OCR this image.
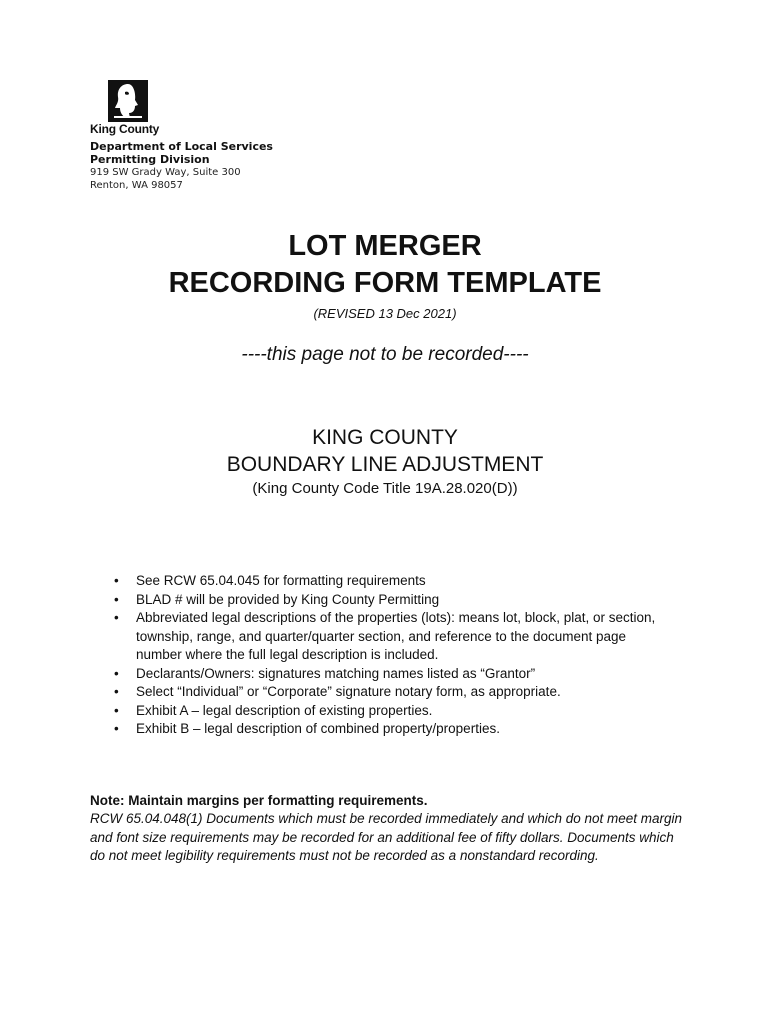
King County
Department of Local Services
Permitting Division
919 SW Grady Way, Suite 300
Renton, WA 98057
LOT MERGER
RECORDING FORM TEMPLATE
(REVISED 13 Dec 2021)
----this page not to be recorded----
KING COUNTY
BOUNDARY LINE ADJUSTMENT
(King County Code Title 19A.28.020(D))
• See RCW 65.04.045 for formatting requirements
• BLAD # will be provided by King County Permitting
• Abbreviated legal descriptions of the properties (lots): means lot, block, plat, or section, township, range, and quarter/quarter section, and reference to the document page number where the full legal description is included.
• Declarants/Owners: signatures matching names listed as “Grantor”
• Select “Individual” or “Corporate” signature notary form, as appropriate.
• Exhibit A – legal description of existing properties.
• Exhibit B – legal description of combined property/properties.
Note: Maintain margins per formatting requirements.
RCW 65.04.048(1) Documents which must be recorded immediately and which do not meet margin and font size requirements may be recorded for an additional fee of fifty dollars. Documents which do not meet legibility requirements must not be recorded as a nonstandard recording.
